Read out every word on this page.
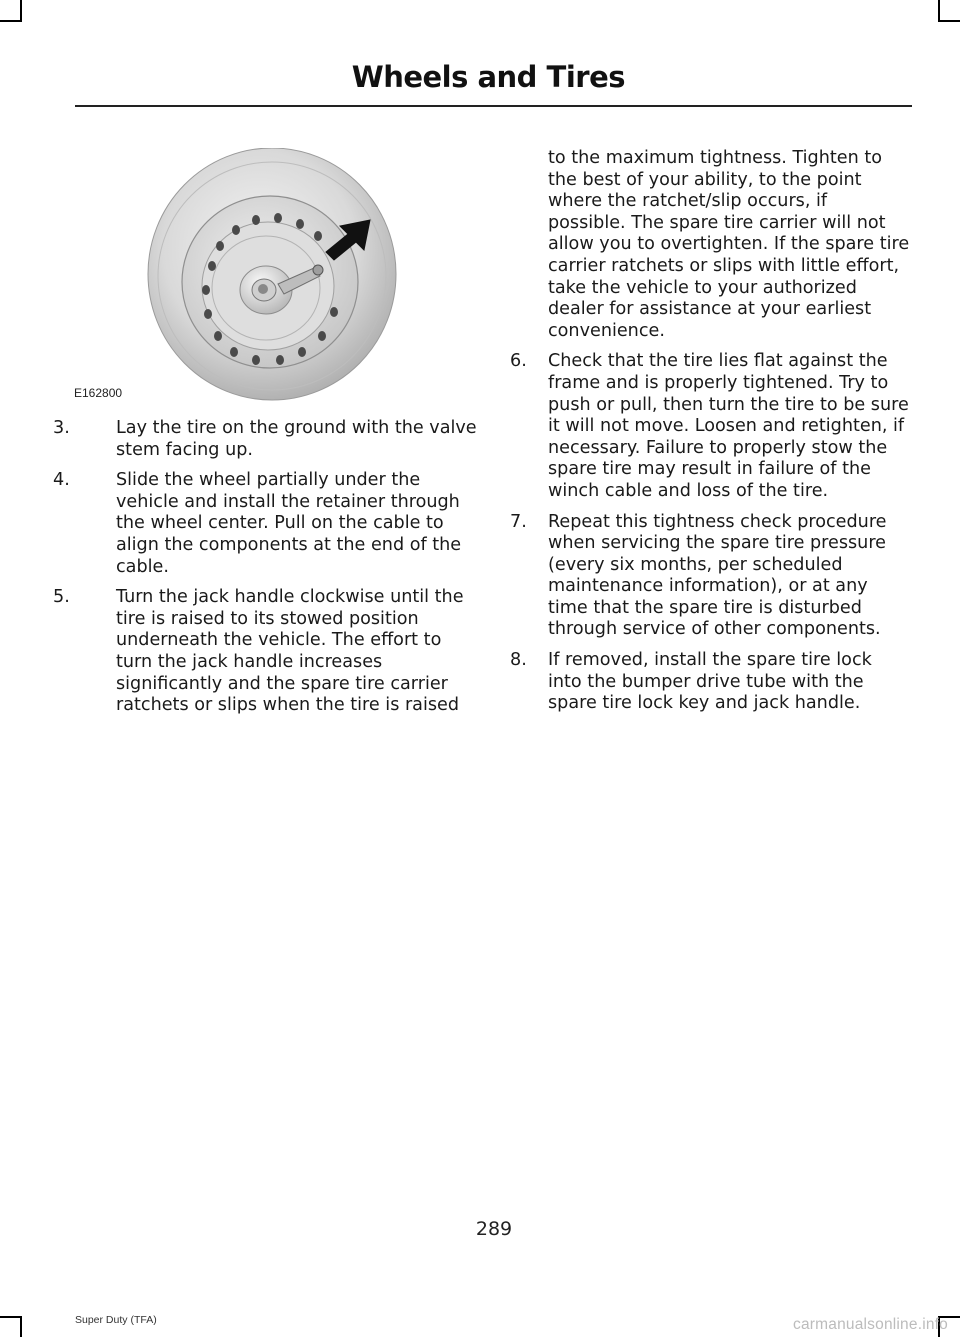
Wheels and Tires
E162800
3.	Lay the tire on the ground with the valve stem facing up.
4.	Slide the wheel partially under the vehicle and install the retainer through the wheel center. Pull on the cable to align the components at the end of the cable.
5.	Turn the jack handle clockwise until the tire is raised to its stowed position underneath the vehicle. The effort to turn the jack handle increases significantly and the spare tire carrier ratchets or slips when the tire is raised
to the maximum tightness. Tighten to the best of your ability, to the point where the ratchet/slip occurs, if possible. The spare tire carrier will not allow you to overtighten. If the spare tire carrier ratchets or slips with little effort, take the vehicle to your authorized dealer for assistance at your earliest convenience.
6. Check that the tire lies flat against the frame and is properly tightened. Try to push or pull, then turn the tire to be sure it will not move. Loosen and retighten, if necessary. Failure to properly stow the spare tire may result in failure of the winch cable and loss of the tire.
7. Repeat this tightness check procedure when servicing the spare tire pressure (every six months, per scheduled maintenance information), or at any time that the spare tire is disturbed through service of other components.
8. If removed, install the spare tire lock into the bumper drive tube with the spare tire lock key and jack handle.
289
Super Duty (TFA)	carmanualsonline.info
